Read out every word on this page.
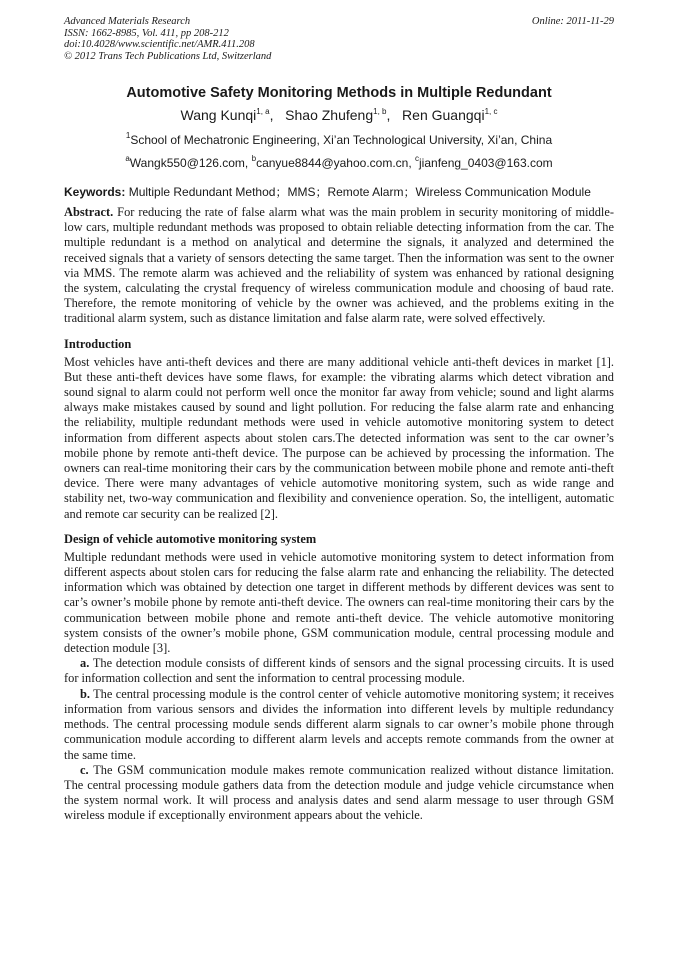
Advanced Materials Research
ISSN: 1662-8985, Vol. 411, pp 208-212
doi:10.4028/www.scientific.net/AMR.411.208
© 2012 Trans Tech Publications Ltd, Switzerland
Online: 2011-11-29
Automotive Safety Monitoring Methods in Multiple Redundant
Wang Kunqi$^{1, a}$,   Shao Zhufeng$^{1, b}$,   Ren Guangqi$^{1, c}$
$^1$School of Mechatronic Engineering, Xi’an Technological University, Xi’an, China
$^a$Wangk550@126.com, $^b$canyue8844@yahoo.com.cn, $^c$jianfeng_0403@163.com
Keywords: Multiple Redundant Method；MMS；Remote Alarm；Wireless Communication Module

Abstract. For reducing the rate of false alarm what was the main problem in security monitoring of middle-low cars, multiple redundant methods was proposed to obtain reliable detecting information from the car. The multiple redundant is a method on analytical and determine the signals, it analyzed and determined the received signals that a variety of sensors detecting the same target. Then the information was sent to the owner via MMS. The remote alarm was achieved and the reliability of system was enhanced by rational designing the system, calculating the crystal frequency of wireless communication module and choosing of baud rate. Therefore, the remote monitoring of vehicle by the owner was achieved, and the problems exiting in the traditional alarm system, such as distance limitation and false alarm rate, were solved effectively.

Introduction

Most vehicles have anti-theft devices and there are many additional vehicle anti-theft devices in market [1]. But these anti-theft devices have some flaws, for example: the vibrating alarms which detect vibration and sound signal to alarm could not perform well once the monitor far away from vehicle; sound and light alarms always make mistakes caused by sound and light pollution. For reducing the false alarm rate and enhancing the reliability, multiple redundant methods were used in vehicle automotive monitoring system to detect information from different aspects about stolen cars.The detected information was sent to the car owner’s mobile phone by remote anti-theft device. The purpose can be achieved by processing the information. The owners can real-time monitoring their cars by the communication between mobile phone and remote anti-theft device. There were many advantages of vehicle automotive monitoring system, such as wide range and stability net, two-way communication and flexibility and convenience operation. So, the intelligent, automatic and remote car security can be realized [2].

Design of vehicle automotive monitoring system

Multiple redundant methods were used in vehicle automotive monitoring system to detect information from different aspects about stolen cars for reducing the false alarm rate and enhancing the reliability. The detected information which was obtained by detection one target in different methods by different devices was sent to car’s owner’s mobile phone by remote anti-theft device. The owners can real-time monitoring their cars by the communication between mobile phone and remote anti-theft device. The vehicle automotive monitoring system consists of the owner’s mobile phone, GSM communication module, central processing module and detection module [3].

a. The detection module consists of different kinds of sensors and the signal processing circuits. It is used for information collection and sent the information to central processing module.

b. The central processing module is the control center of vehicle automotive monitoring system; it receives information from various sensors and divides the information into different levels by multiple redundancy methods. The central processing module sends different alarm signals to car owner’s mobile phone through communication module according to different alarm levels and accepts remote commands from the owner at the same time.

c. The GSM communication module makes remote communication realized without distance limitation. The central processing module gathers data from the detection module and judge vehicle circumstance when the system normal work. It will process and analysis dates and send alarm message to user through GSM wireless module if exceptionally environment appears about the vehicle.
